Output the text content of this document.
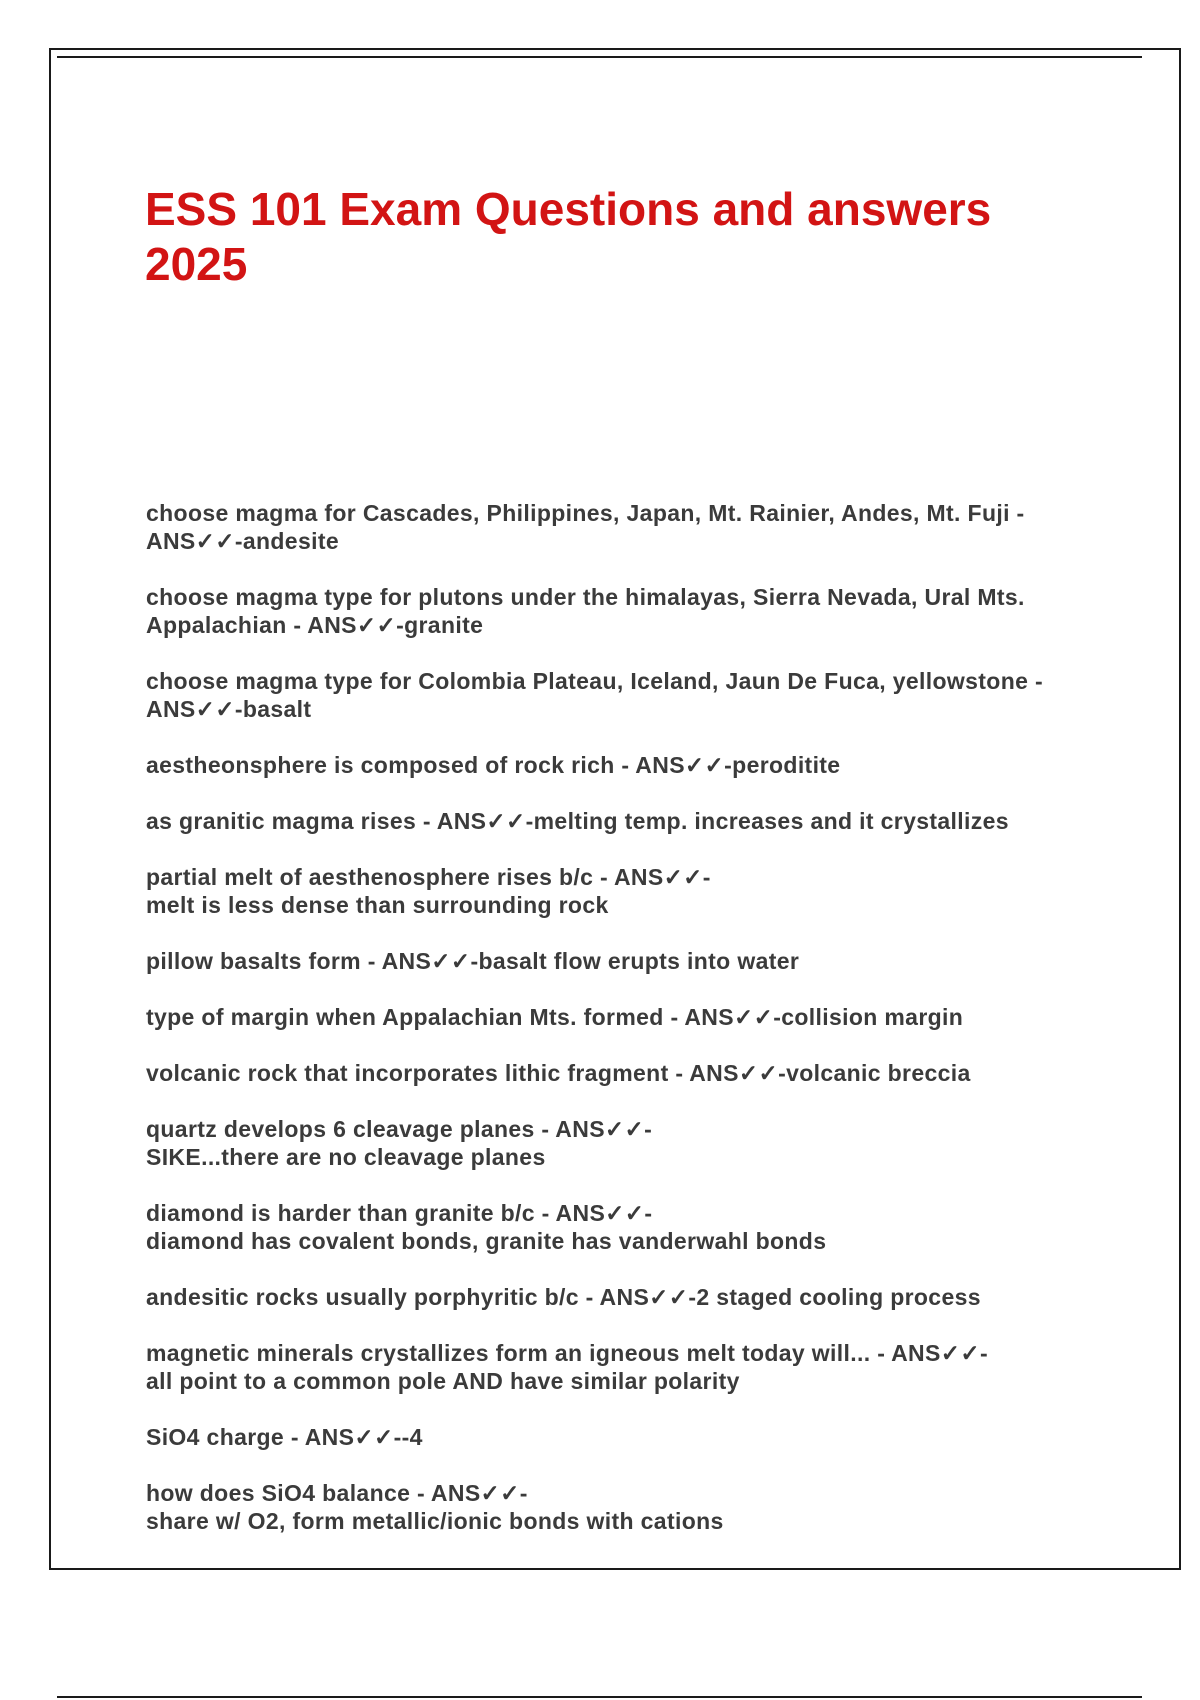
ESS 101 Exam Questions and answers 2025
choose magma for Cascades, Philippines, Japan, Mt. Rainier, Andes, Mt. Fuji -
ANS✓✓-andesite
choose magma type for plutons under the himalayas, Sierra Nevada, Ural Mts.
Appalachian - ANS✓✓-granite
choose magma type for Colombia Plateau, Iceland, Jaun De Fuca, yellowstone -
ANS✓✓-basalt
aestheonsphere is composed of rock rich - ANS✓✓-peroditite
as granitic magma rises - ANS✓✓-melting temp. increases and it crystallizes
partial melt of aesthenosphere rises b/c - ANS✓✓-
melt is less dense than surrounding rock
pillow basalts form - ANS✓✓-basalt flow erupts into water
type of margin when Appalachian Mts. formed - ANS✓✓-collision margin
volcanic rock that incorporates lithic fragment - ANS✓✓-volcanic breccia
quartz develops 6 cleavage planes - ANS✓✓-
SIKE...there are no cleavage planes
diamond is harder than granite b/c - ANS✓✓-
diamond has covalent bonds, granite has vanderwahl bonds
andesitic rocks usually porphyritic b/c - ANS✓✓-2 staged cooling process
magnetic minerals crystallizes form an igneous melt today will... - ANS✓✓-
all point to a common pole AND have similar polarity
SiO4 charge - ANS✓✓--4
how does SiO4 balance - ANS✓✓-
share w/ O2, form metallic/ionic bonds with cations
